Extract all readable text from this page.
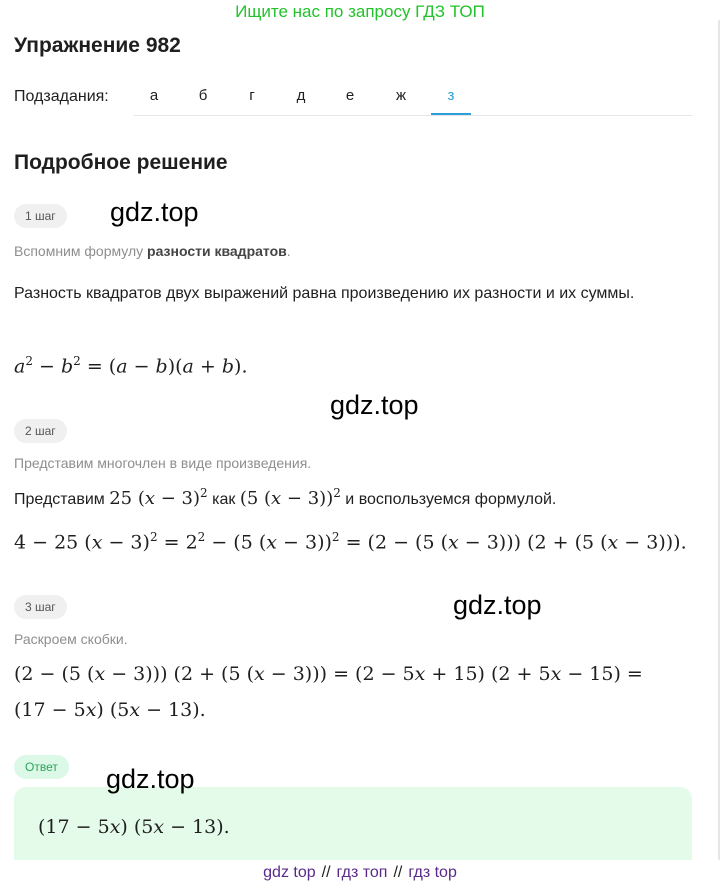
Ищите нас по запросу ГДЗ ТОП
Упражнение 982
Подзадания:	а	б	г	д	е	ж	з
Подробное решение
1 шаг	gdz.top
Вспомним формулу разности квадратов.
Разность квадратов двух выражений равна произведению их разности и их суммы.
$a^2 - b^2 = (a - b)(a + b)$.
gdz.top
2 шаг
Представим многочлен в виде произведения.
Представим 25 $(x - 3)^2$ как (5 (x − 3))$^2$ и воспользуемся формулой.
4 − 25 $(x - 3)^2 = 2^2 - (5$ (x − 3))$^2$ = (2 − (5 (x − 3))) (2 + (5 (x − 3))).
3 шаг	gdz.top
Раскроем скобки.
(2 − (5 (x − 3))) (2 + (5 (x − 3))) = (2 − 5x + 15) (2 + 5x − 15) =
(17 − 5x) (5x − 13).
Ответ	gdz.top
(17 − 5x) (5x − 13).
gdz top // гдз топ // гдз top
